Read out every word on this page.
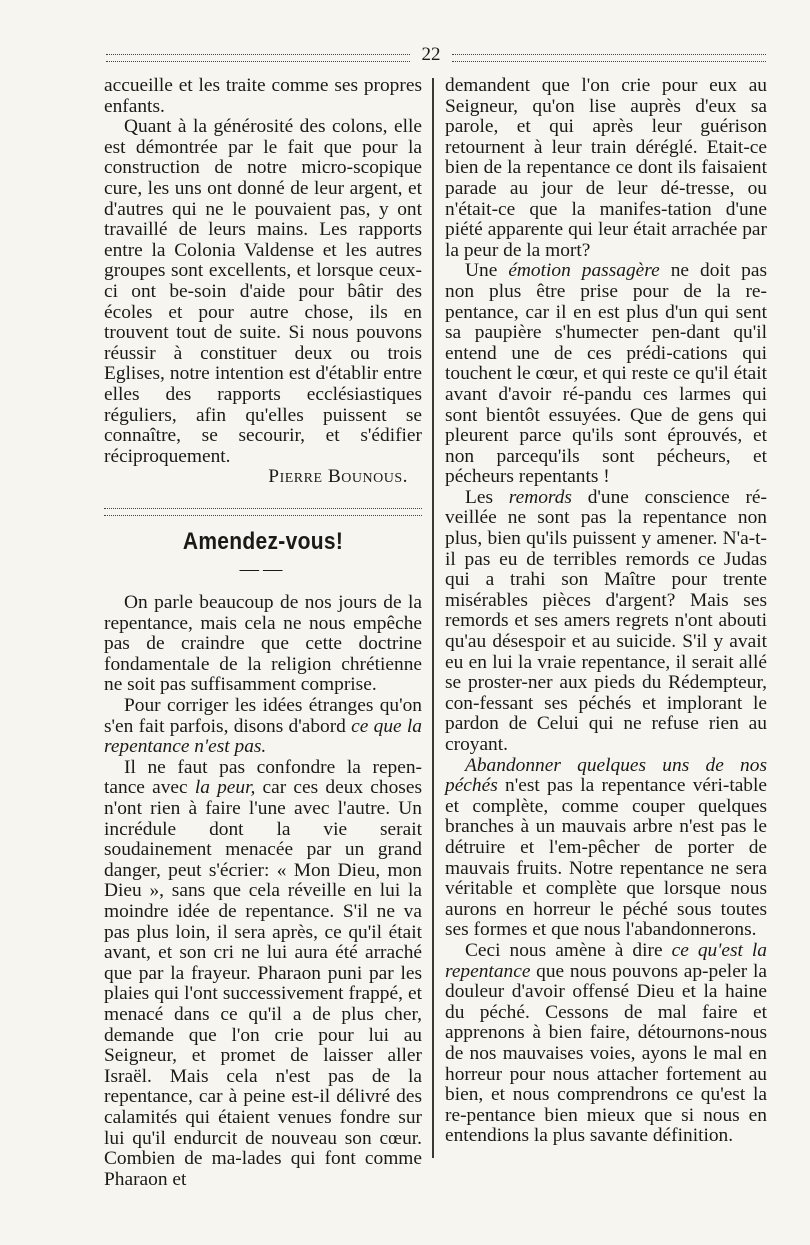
22

accueille et les traite comme ses propres enfants.

Quant à la générosité des colons, elle est démontrée par le fait que pour la construction de notre micro-scopique cure, les uns ont donné de leur argent, et d'autres qui ne le pouvaient pas, y ont travaillé de leurs mains. Les rapports entre la Colonia Valdense et les autres groupes sont excellents, et lorsque ceux-ci ont be-soin d'aide pour bâtir des écoles et pour autre chose, ils en trouvent tout de suite. Si nous pouvons réussir à constituer deux ou trois Eglises, notre intention est d'établir entre elles des rapports ecclésiastiques réguliers, afin qu'elles puissent se connaître, se secourir, et s'édifier réciproquement.

Pierre Bounous.

Amendez-vous!
——

On parle beaucoup de nos jours de la repentance, mais cela ne nous empêche pas de craindre que cette doctrine fondamentale de la religion chrétienne ne soit pas suffisamment comprise.

Pour corriger les idées étranges qu'on s'en fait parfois, disons d'abord ce que la repentance n'est pas.

Il ne faut pas confondre la repen-tance avec la peur, car ces deux choses n'ont rien à faire l'une avec l'autre. Un incrédule dont la vie serait soudainement menacée par un grand danger, peut s'écrier: « Mon Dieu, mon Dieu », sans que cela réveille en lui la moindre idée de repentance. S'il ne va pas plus loin, il sera après, ce qu'il était avant, et son cri ne lui aura été arraché que par la frayeur. Pharaon puni par les plaies qui l'ont successivement frappé, et menacé dans ce qu'il a de plus cher, demande que l'on crie pour lui au Seigneur, et promet de laisser aller Israël. Mais cela n'est pas de la repentance, car à peine est-il délivré des calamités qui étaient venues fondre sur lui qu'il endurcit de nouveau son cœur. Combien de ma-lades qui font comme Pharaon et

demandent que l'on crie pour eux au Seigneur, qu'on lise auprès d'eux sa parole, et qui après leur guérison retournent à leur train déréglé. Etait-ce bien de la repentance ce dont ils faisaient parade au jour de leur dé-tresse, ou n'était-ce que la manifes-tation d'une piété apparente qui leur était arrachée par la peur de la mort?

Une émotion passagère ne doit pas non plus être prise pour de la re-pentance, car il en est plus d'un qui sent sa paupière s'humecter pen-dant qu'il entend une de ces prédi-cations qui touchent le cœur, et qui reste ce qu'il était avant d'avoir ré-pandu ces larmes qui sont bientôt essuyées. Que de gens qui pleurent parce qu'ils sont éprouvés, et non parcequ'ils sont pécheurs, et pécheurs repentants !

Les remords d'une conscience ré-veillée ne sont pas la repentance non plus, bien qu'ils puissent y amener. N'a-t-il pas eu de terribles remords ce Judas qui a trahi son Maître pour trente misérables pièces d'argent? Mais ses remords et ses amers regrets n'ont abouti qu'au désespoir et au suicide. S'il y avait eu en lui la vraie repentance, il serait allé se proster-ner aux pieds du Rédempteur, con-fessant ses péchés et implorant le pardon de Celui qui ne refuse rien au croyant.

Abandonner quelques uns de nos péchés n'est pas la repentance véri-table et complète, comme couper quelques branches à un mauvais arbre n'est pas le détruire et l'em-pêcher de porter de mauvais fruits. Notre repentance ne sera véritable et complète que lorsque nous aurons en horreur le péché sous toutes ses formes et que nous l'abandonnerons.

Ceci nous amène à dire ce qu'est la repentance que nous pouvons ap-peler la douleur d'avoir offensé Dieu et la haine du péché. Cessons de mal faire et apprenons à bien faire, détournons-nous de nos mauvaises voies, ayons le mal en horreur pour nous attacher fortement au bien, et nous comprendrons ce qu'est la re-pentance bien mieux que si nous en entendions la plus savante définition.
